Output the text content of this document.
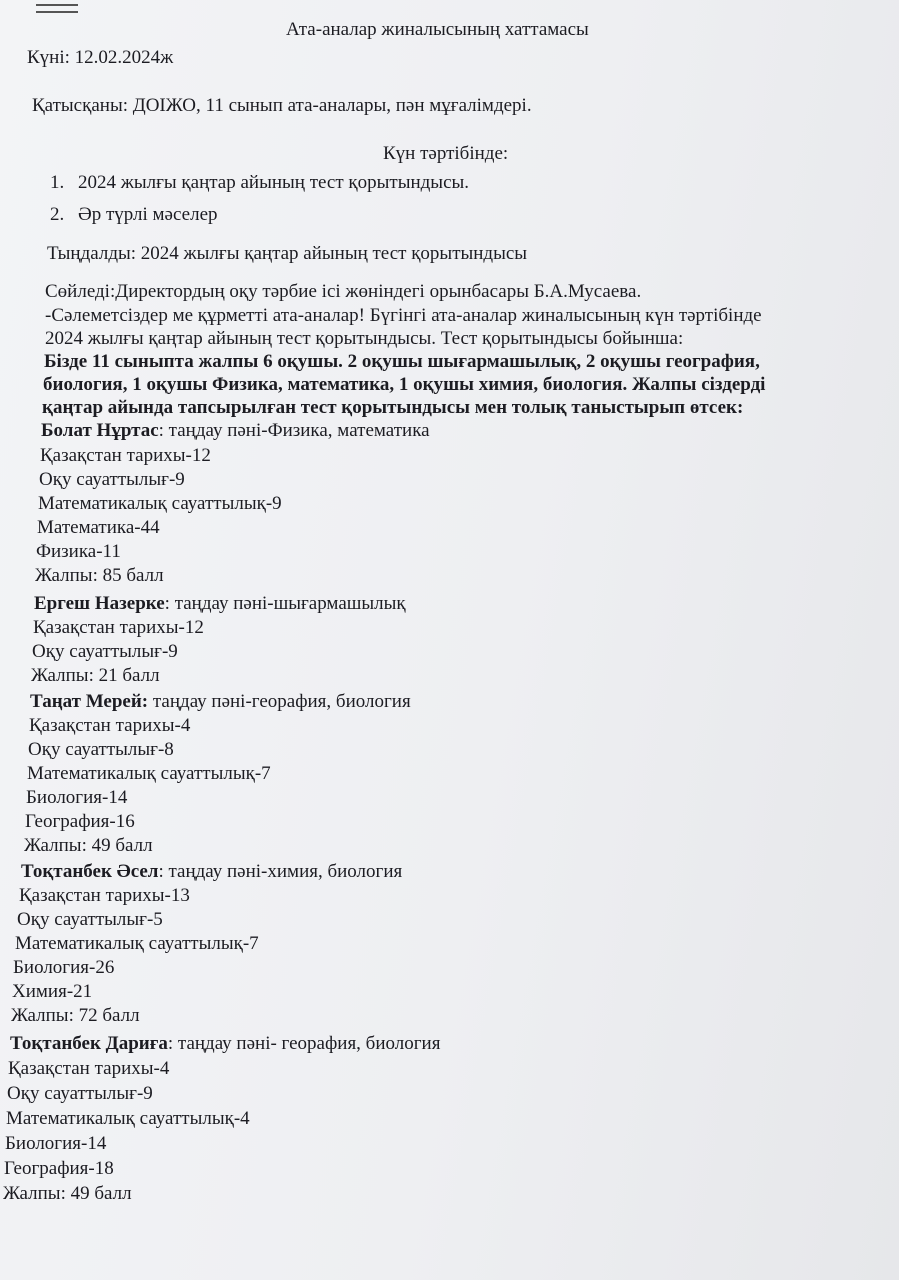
Ата-аналар жиналысының хаттамасы
Күні: 12.02.2024ж
Қатысқаны: ДОІЖО, 11 сынып ата-аналары, пән мұғалімдері.
Күн тәртібінде:
1. 2024 жылғы қаңтар айының тест қорытындысы.
2. Әр түрлі мәселер
Тыңдалды: 2024 жылғы қаңтар айының тест қорытындысы
Сөйледі:Директордың оқу тәрбие ісі жөніндегі орынбасары Б.А.Мусаева.
-Сәлеметсіздер ме құрметті ата-аналар! Бүгінгі ата-аналар жиналысының күн тәртібінде
2024 жылғы қаңтар айының тест қорытындысы. Тест қорытындысы бойынша:
Бізде 11 сыныпта жалпы 6 оқушы. 2 оқушы шығармашылық, 2 оқушы география,
биология, 1 оқушы Физика, математика, 1 оқушы химия, биология. Жалпы сіздерді
қаңтар айында тапсырылған тест қорытындысы мен толық таныстырып өтсек:
Болат Нұртас: таңдау пәні-Физика, математика
Қазақстан тарихы-12
Оқу сауаттылығ-9
Математикалық сауаттылық-9
Математика-44
Физика-11
Жалпы: 85 балл
Ергеш Назерке: таңдау пәні-шығармашылық
Қазақстан тарихы-12
Оқу сауаттылығ-9
Жалпы: 21 балл
Таңат Мерей: таңдау пәні-георафия, биология
Қазақстан тарихы-4
Оқу сауаттылығ-8
Математикалық сауаттылық-7
Биология-14
География-16
Жалпы: 49 балл
Тоқтанбек Әсел: таңдау пәні-химия, биология
Қазақстан тарихы-13
Оқу сауаттылығ-5
Математикалық сауаттылық-7
Биология-26
Химия-21
Жалпы: 72 балл
Тоқтанбек Дариға: таңдау пәні- георафия, биология
Қазақстан тарихы-4
Оқу сауаттылығ-9
Математикалық сауаттылық-4
Биология-14
География-18
Жалпы: 49 балл
